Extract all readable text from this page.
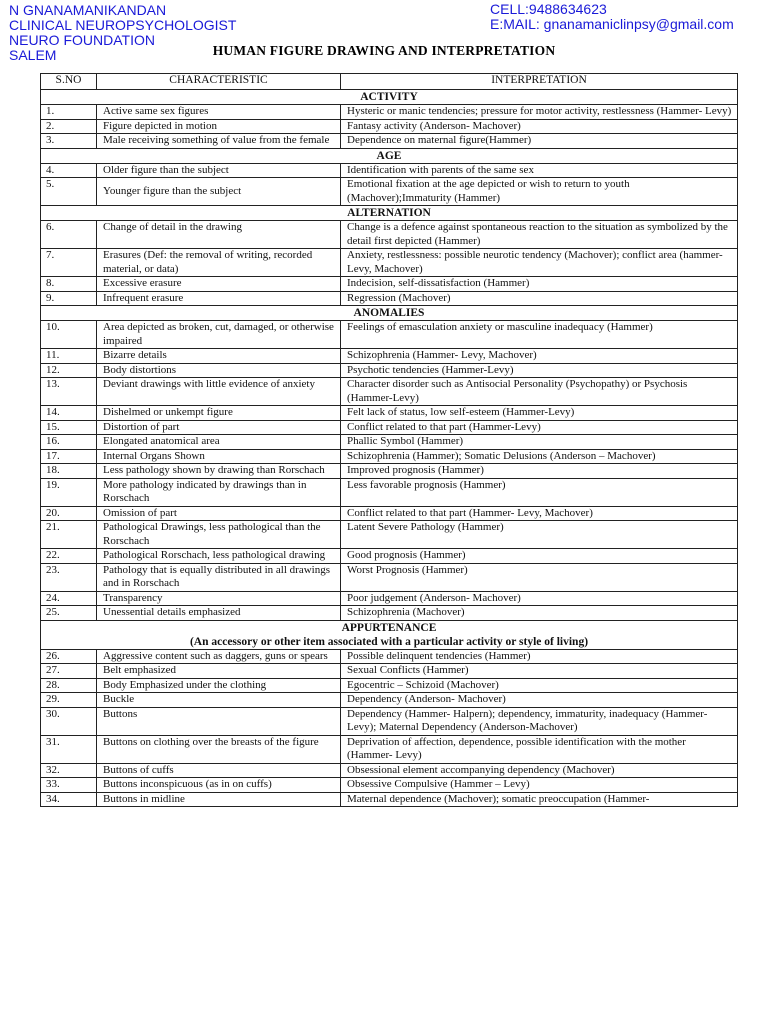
N GNANAMANIKANDAN
CLINICAL NEUROPSYCHOLOGIST
NEURO FOUNDATION
SALEM
CELL:9488634623
E:MAIL: gnanamaniclinpsy@gmail.com
HUMAN FIGURE DRAWING AND INTERPRETATION
S.NO	CHARACTERISTIC	INTERPRETATION

ACTIVITY		

1.	Active same sex figures	Hysteric or manic tendencies; pressure for motor activity, restlessness (Hammer- Levy)
2.	Figure depicted in motion	Fantasy activity (Anderson- Machover)
3.	Male receiving something of value from the female	Dependence on maternal figure(Hammer)

AGE		

4.	Older figure than the subject	Identification with parents of the same sex
5.	Younger figure than the subject	Emotional fixation at the age depicted or wish to return to youth (Machover);Immaturity (Hammer)

ALTERNATION		

6.	Change of detail in the drawing	Change is a defence against spontaneous reaction to the situation as symbolized by the detail first depicted (Hammer)
7.	Erasures (Def: the removal of writing, recorded material, or data)	Anxiety, restlessness: possible neurotic tendency (Machover); conflict area (hammer- Levy, Machover)
8.	Excessive erasure	Indecision, self-dissatisfaction (Hammer)
9.	Infrequent erasure	Regression (Machover)

ANOMALIES		

10.	Area depicted as broken, cut, damaged, or otherwise impaired	Feelings of emasculation anxiety or masculine inadequacy (Hammer)
11.	Bizarre details	Schizophrenia (Hammer- Levy, Machover)
12.	Body distortions	Psychotic tendencies (Hammer-Levy)
13.	Deviant drawings with little evidence of anxiety	Character disorder such as Antisocial Personality (Psychopathy) or Psychosis (Hammer-Levy)
14.	Dishelmed or unkempt figure	Felt lack of status, low self-esteem (Hammer-Levy)
15.	Distortion of part	Conflict related to that part (Hammer-Levy)
16.	Elongated anatomical area	Phallic Symbol (Hammer)
17.	Internal Organs Shown	Schizophrenia (Hammer); Somatic Delusions (Anderson – Machover)
18.	Less pathology shown by drawing than Rorschach	Improved prognosis (Hammer)
19.	More pathology indicated by drawings than in Rorschach	Less favorable prognosis (Hammer)
20.	Omission of part	Conflict related to that part (Hammer- Levy, Machover)
21.	Pathological Drawings, less pathological than the Rorschach	Latent Severe Pathology (Hammer)
22.	Pathological Rorschach, less pathological drawing	Good prognosis (Hammer)
23.	Pathology that is equally distributed in all drawings and in Rorschach	Worst Prognosis (Hammer)
24.	Transparency	Poor judgement (Anderson- Machover)
25.	Unessential details emphasized	Schizophrenia (Machover)

APPURTENANCE
(An accessory or other item associated with a particular activity or style of living)		

26.	Aggressive content such as daggers, guns or spears	Possible delinquent tendencies (Hammer)
27.	Belt emphasized	Sexual Conflicts (Hammer)
28.	Body Emphasized under the clothing	Egocentric – Schizoid (Machover)
29.	Buckle	Dependency (Anderson- Machover)
30.	Buttons	Dependency (Hammer- Halpern); dependency, immaturity, inadequacy (Hammer- Levy); Maternal Dependency (Anderson-Machover)
31.	Buttons on clothing over the breasts of the figure	Deprivation of affection, dependence, possible identification with the mother (Hammer- Levy)
32.	Buttons of cuffs	Obsessional element accompanying dependency (Machover)
33.	Buttons inconspicuous (as in on cuffs)	Obsessive Compulsive (Hammer – Levy)
34.	Buttons in midline	Maternal dependence (Machover); somatic preoccupation (Hammer-
